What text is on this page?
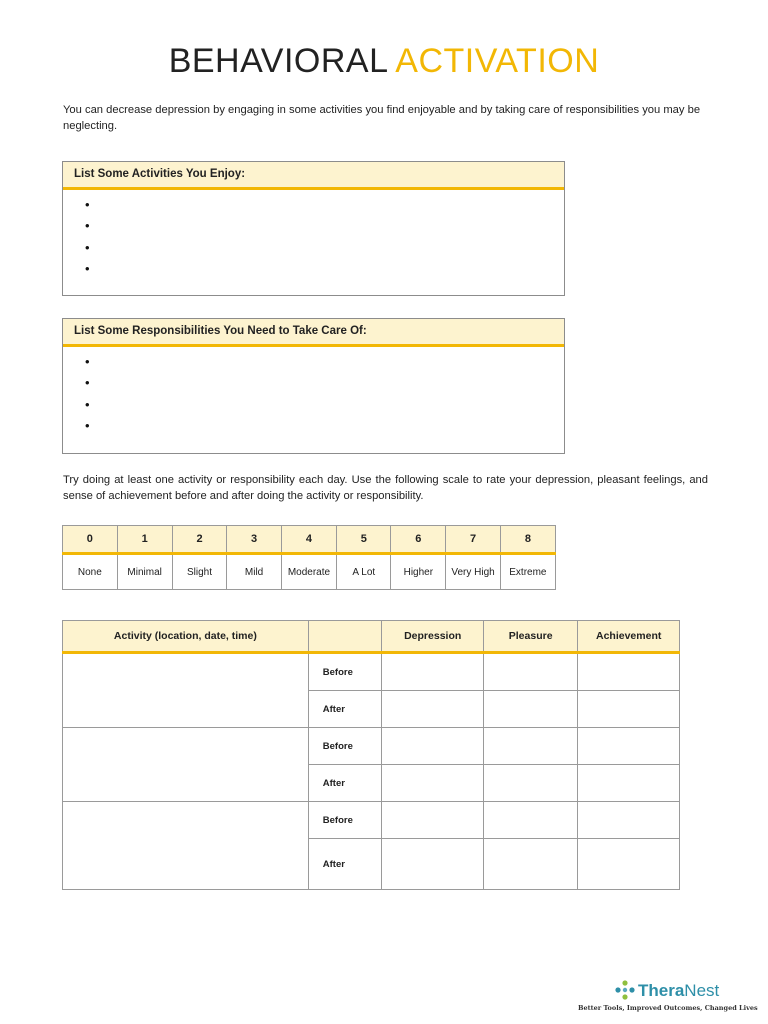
BEHAVIORAL ACTIVATION
You can decrease depression by engaging in some activities you find enjoyable and by taking care of responsibilities you may be neglecting.
List Some Activities You Enjoy:
•
•
•
•
List Some Responsibilities You Need to Take Care Of:
•
•
•
•
Try doing at least one activity or responsibility each day. Use the following scale to rate your depression, pleasant feelings, and sense of achievement before and after doing the activity or responsibility.
0	1	2	3	4	5	6	7	8
None	Minimal	Slight	Mild	Moderate	A Lot	Higher	Very High	Extreme
Activity (location, date, time)		Depression	Pleasure	Achievement
	Before			
	After			
	Before			
	After			
	Before			
	After			
Thera Nest
Better Tools, Improved Outcomes, Changed Lives
